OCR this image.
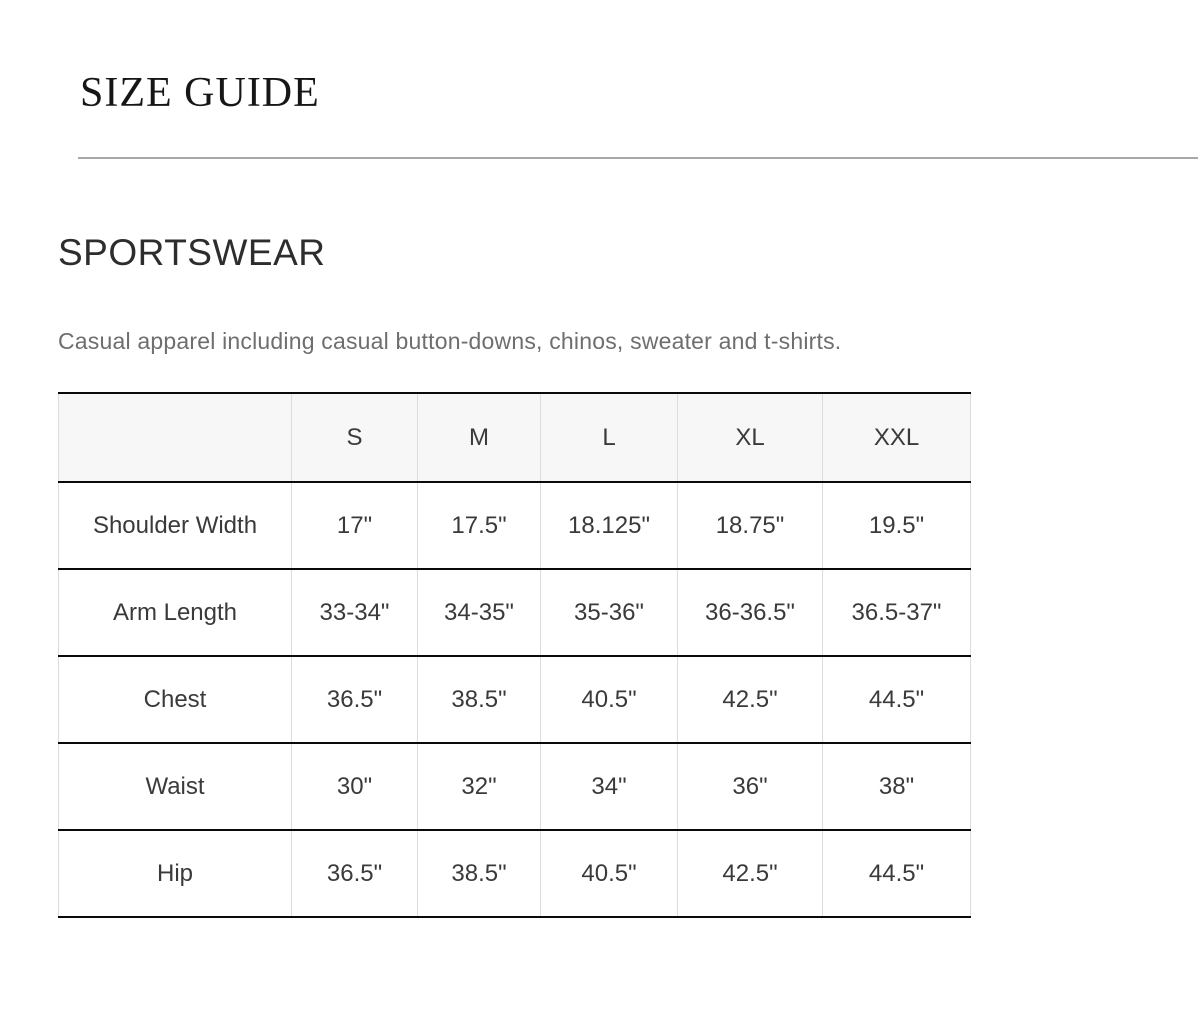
SIZE GUIDE
SPORTSWEAR

Casual apparel including casual button-downs, chinos, sweater and t-shirts.

	S	M	L	XL	XXL
Shoulder Width	17"	17.5"	18.125"	18.75"	19.5"
Arm Length	33-34"	34-35"	35-36"	36-36.5"	36.5-37"
Chest	36.5"	38.5"	40.5"	42.5"	44.5"
Waist	30"	32"	34"	36"	38"
Hip	36.5"	38.5"	40.5"	42.5"	44.5"
